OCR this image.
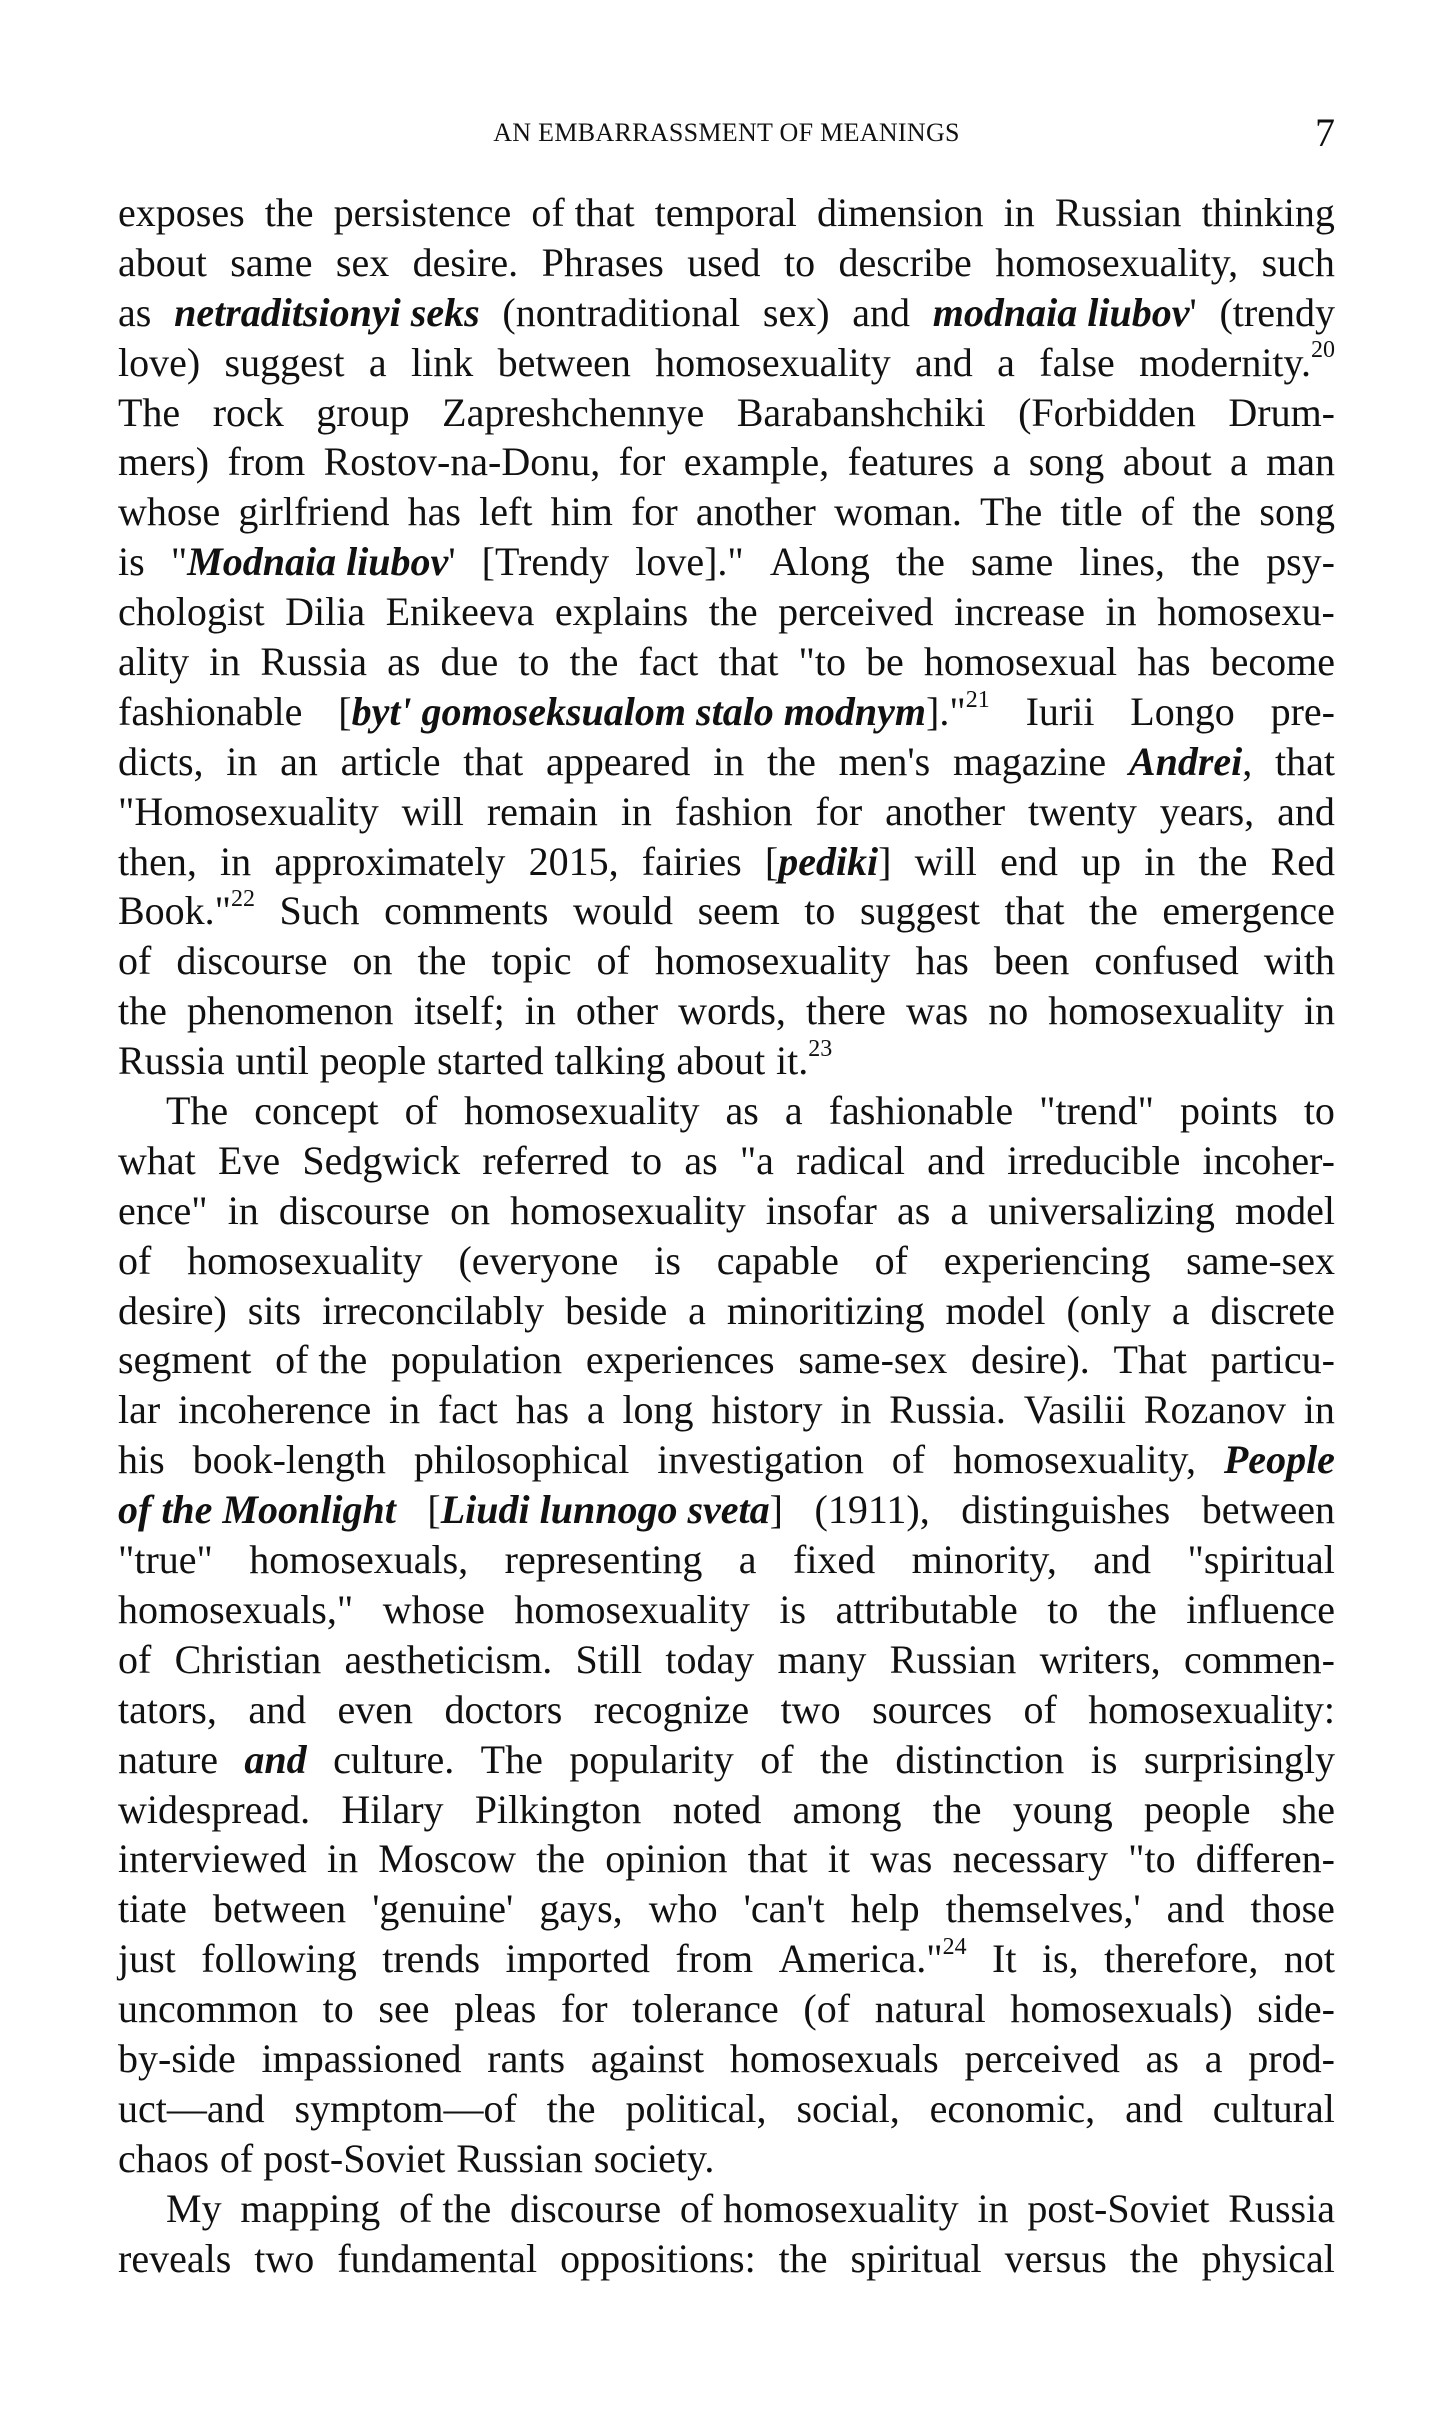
AN EMBARRASSMENT OF MEANINGS	7
exposes the persistence of that temporal dimension in Russian thinking
about same sex desire. Phrases used to describe homosexuality, such
as netraditsionyi seks (nontraditional sex) and modnaia liubov' (trendy
love) suggest a link between homosexuality and a false modernity.$^{20}$
The rock group Zapreshchennye Barabanshchiki (Forbidden Drum-
mers) from Rostov-na-Donu, for example, features a song about a man
whose girlfriend has left him for another woman. The title of the song
is "Modnaia liubov' [Trendy love]." Along the same lines, the psy-
chologist Dilia Enikeeva explains the perceived increase in homosexu-
ality in Russia as due to the fact that "to be homosexual has become
fashionable [byt' gomoseksualom stalo modnym]."$^{21}$ Iurii Longo pre-
dicts, in an article that appeared in the men's magazine Andrei, that
"Homosexuality will remain in fashion for another twenty years, and
then, in approximately 2015, fairies [pediki] will end up in the Red
Book."$^{22}$ Such comments would seem to suggest that the emergence
of discourse on the topic of homosexuality has been confused with
the phenomenon itself; in other words, there was no homosexuality in
Russia until people started talking about it.$^{23}$
The concept of homosexuality as a fashionable "trend" points to
what Eve Sedgwick referred to as "a radical and irreducible incoher-
ence" in discourse on homosexuality insofar as a universalizing model
of homosexuality (everyone is capable of experiencing same-sex
desire) sits irreconcilably beside a minoritizing model (only a discrete
segment of the population experiences same-sex desire). That particu-
lar incoherence in fact has a long history in Russia. Vasilii Rozanov in
his book-length philosophical investigation of homosexuality, People
of the Moonlight [Liudi lunnogo sveta] (1911), distinguishes between
"true" homosexuals, representing a fixed minority, and "spiritual
homosexuals," whose homosexuality is attributable to the influence
of Christian aestheticism. Still today many Russian writers, commen-
tators, and even doctors recognize two sources of homosexuality:
nature and culture. The popularity of the distinction is surprisingly
widespread. Hilary Pilkington noted among the young people she
interviewed in Moscow the opinion that it was necessary "to differen-
tiate between 'genuine' gays, who 'can't help themselves,' and those
just following trends imported from America."$^{24}$ It is, therefore, not
uncommon to see pleas for tolerance (of natural homosexuals) side-
by-side impassioned rants against homosexuals perceived as a prod-
uct—and symptom—of the political, social, economic, and cultural
chaos of post-Soviet Russian society.
My mapping of the discourse of homosexuality in post-Soviet Russia
reveals two fundamental oppositions: the spiritual versus the physical
